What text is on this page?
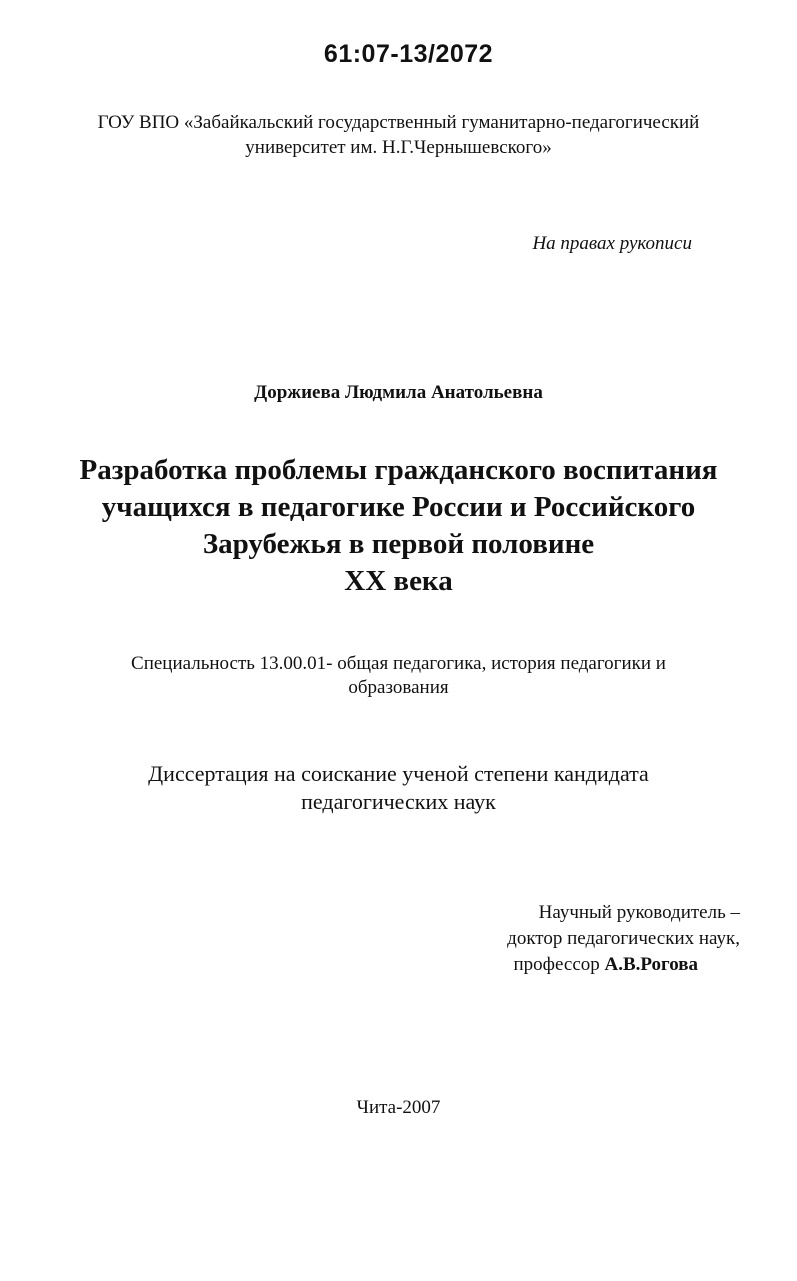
61:07-13/2072
ГОУ ВПО «Забайкальский государственный гуманитарно-педагогический
университет им. Н.Г.Чернышевского»
На правах рукописи
Доржиева Людмила Анатольевна
Разработка проблемы гражданского воспитания
учащихся в педагогике России и Российского
Зарубежья в первой половине
XX века
Специальность 13.00.01- общая педагогика, история педагогики и
образования
Диссертация на соискание ученой степени кандидата
педагогических наук
Научный руководитель –
доктор педагогических наук,
профессор А.В.Рогова
Чита-2007
